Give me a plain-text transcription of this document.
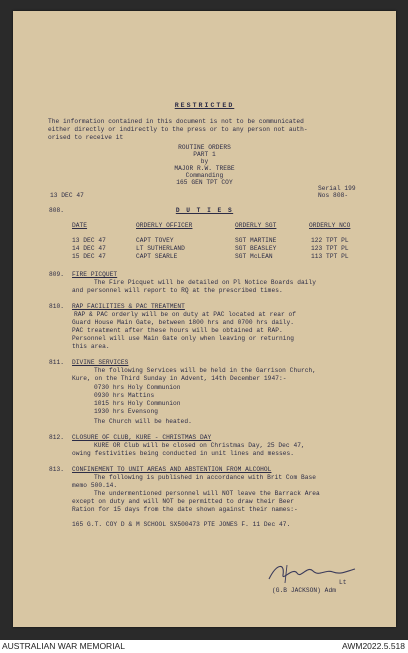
RESTRICTED
The information contained in this document is not to be communicated
either directly or indirectly to the press or to any person not auth-
orised to receive it
ROUTINE ORDERS
PART 1
by
MAJOR R.W. TREBE
Commanding
165 GEN TPT COY
13 DEC 47
Serial 199
Nos 808-
808.	D U T I E S
DATE	ORDERLY OFFICER	ORDERLY SGT	ORDERLY NCO
13 DEC 47	CAPT TOVEY	SGT MARTINE	122 TPT PL
14 DEC 47	LT SUTHERLAND	SGT BEASLEY	123 TPT PL
15 DEC 47	CAPT SEARLE	SGT McLEAN	113 TPT PL
809. FIRE PICQUET
The Fire Picquet will be detailed on Pl Notice Boards daily
and personnel will report to RQ at the prescribed times.
810. RAP FACILITIES & PAC TREATMENT
RAP & PAC orderly will be on duty at PAC located at rear of
Guard House Main Gate, between 1800 hrs and 0700 hrs daily.
PAC treatment after these hours will be obtained at RAP.
Personnel will use Main Gate only when leaving or returning
this area.
811. DIVINE SERVICES
The following Services will be held in the Garrison Church,
Kure, on the Third Sunday in Advent, 14th December 1947:-
0730 hrs Holy Communion
0930 hrs Mattins
1015 hrs Holy Communion
1930 hrs Evensong
The Church will be heated.
812. CLOSURE OF CLUB, KURE - CHRISTMAS DAY
KURE OR Club will be closed on Christmas Day, 25 Dec 47,
owing festivities being conducted in unit lines and messes.
813. CONFINEMENT TO UNIT AREAS AND ABSTENTION FROM ALCOHOL
The following is published in accordance with Brit Com Base
memo 500.14.
The undermentioned personnel will NOT leave the Barrack Area
except on duty and will NOT be permitted to draw their Beer
Ration for 15 days from the date shown against their names:-
165 G.T. COY D & M SCHOOL SX500473 PTE JONES F. 11 Dec 47.
Lt
(G.B JACKSON) Adm
AUSTRALIAN WAR MEMORIAL	AWM2022.5.518
